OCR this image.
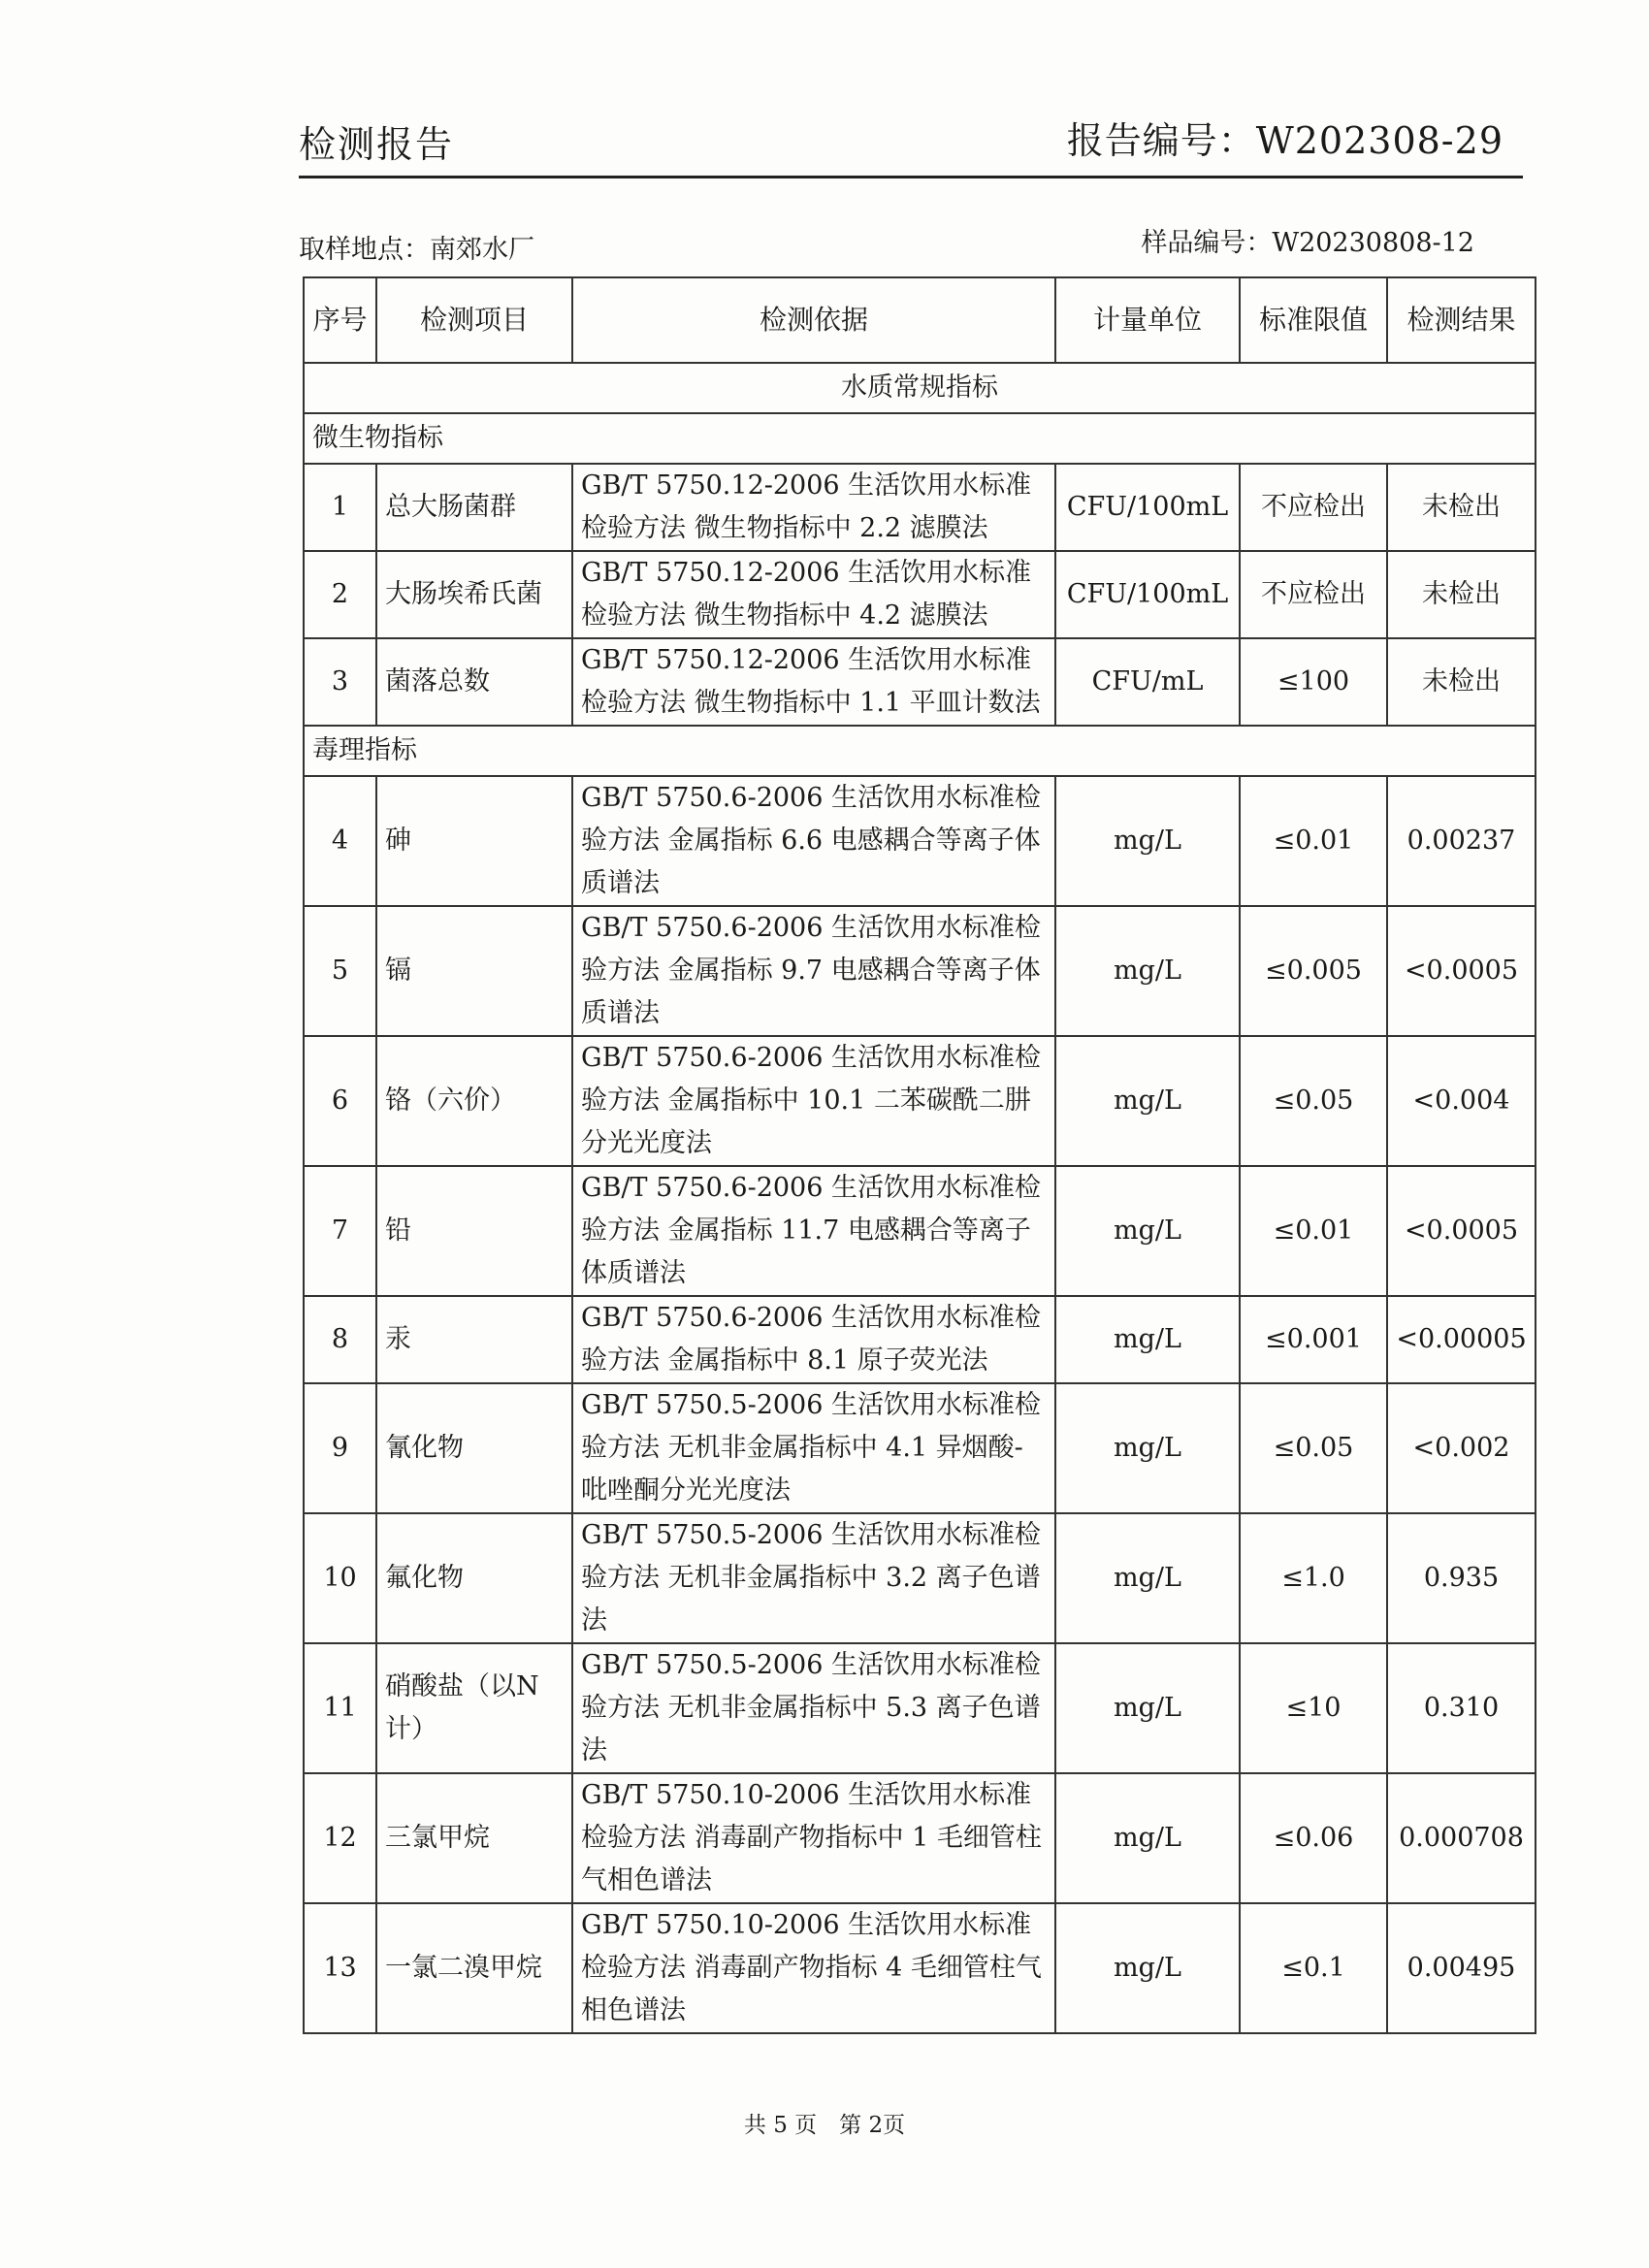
检测报告	报告编号：W202308-29
取样地点：南郊水厂	样品编号：W20230808-12
序号	检测项目	检测依据	计量单位	标准限值	检测结果
水质常规指标					
微生物指标					
1	总大肠菌群	GB/T 5750.12-2006 生活饮用水标准检验方法 微生物指标中 2.2 滤膜法	CFU/100mL	不应检出	未检出
2	大肠埃希氏菌	GB/T 5750.12-2006 生活饮用水标准检验方法 微生物指标中 4.2 滤膜法	CFU/100mL	不应检出	未检出
3	菌落总数	GB/T 5750.12-2006 生活饮用水标准检验方法 微生物指标中 1.1 平皿计数法	CFU/mL	≤100	未检出
毒理指标					
4	砷	GB/T 5750.6-2006 生活饮用水标准检验方法 金属指标 6.6 电感耦合等离子体质谱法	mg/L	≤0.01	0.00237
5	镉	GB/T 5750.6-2006 生活饮用水标准检验方法 金属指标 9.7 电感耦合等离子体质谱法	mg/L	≤0.005	<0.0005
6	铬（六价）	GB/T 5750.6-2006 生活饮用水标准检验方法 金属指标中 10.1 二苯碳酰二肼分光光度法	mg/L	≤0.05	<0.004
7	铅	GB/T 5750.6-2006 生活饮用水标准检验方法 金属指标 11.7 电感耦合等离子体质谱法	mg/L	≤0.01	<0.0005
8	汞	GB/T 5750.6-2006 生活饮用水标准检验方法 金属指标中 8.1 原子荧光法	mg/L	≤0.001	<0.00005
9	氰化物	GB/T 5750.5-2006 生活饮用水标准检验方法 无机非金属指标中 4.1 异烟酸-吡唑酮分光光度法	mg/L	≤0.05	<0.002
10	氟化物	GB/T 5750.5-2006 生活饮用水标准检验方法 无机非金属指标中 3.2 离子色谱法	mg/L	≤1.0	0.935
11	硝酸盐（以N计）	GB/T 5750.5-2006 生活饮用水标准检验方法 无机非金属指标中 5.3 离子色谱法	mg/L	≤10	0.310
12	三氯甲烷	GB/T 5750.10-2006 生活饮用水标准检验方法 消毒副产物指标中 1 毛细管柱气相色谱法	mg/L	≤0.06	0.000708
13	一氯二溴甲烷	GB/T 5750.10-2006 生活饮用水标准检验方法 消毒副产物指标 4 毛细管柱气相色谱法	mg/L	≤0.1	0.00495
共 5 页　第 2页
